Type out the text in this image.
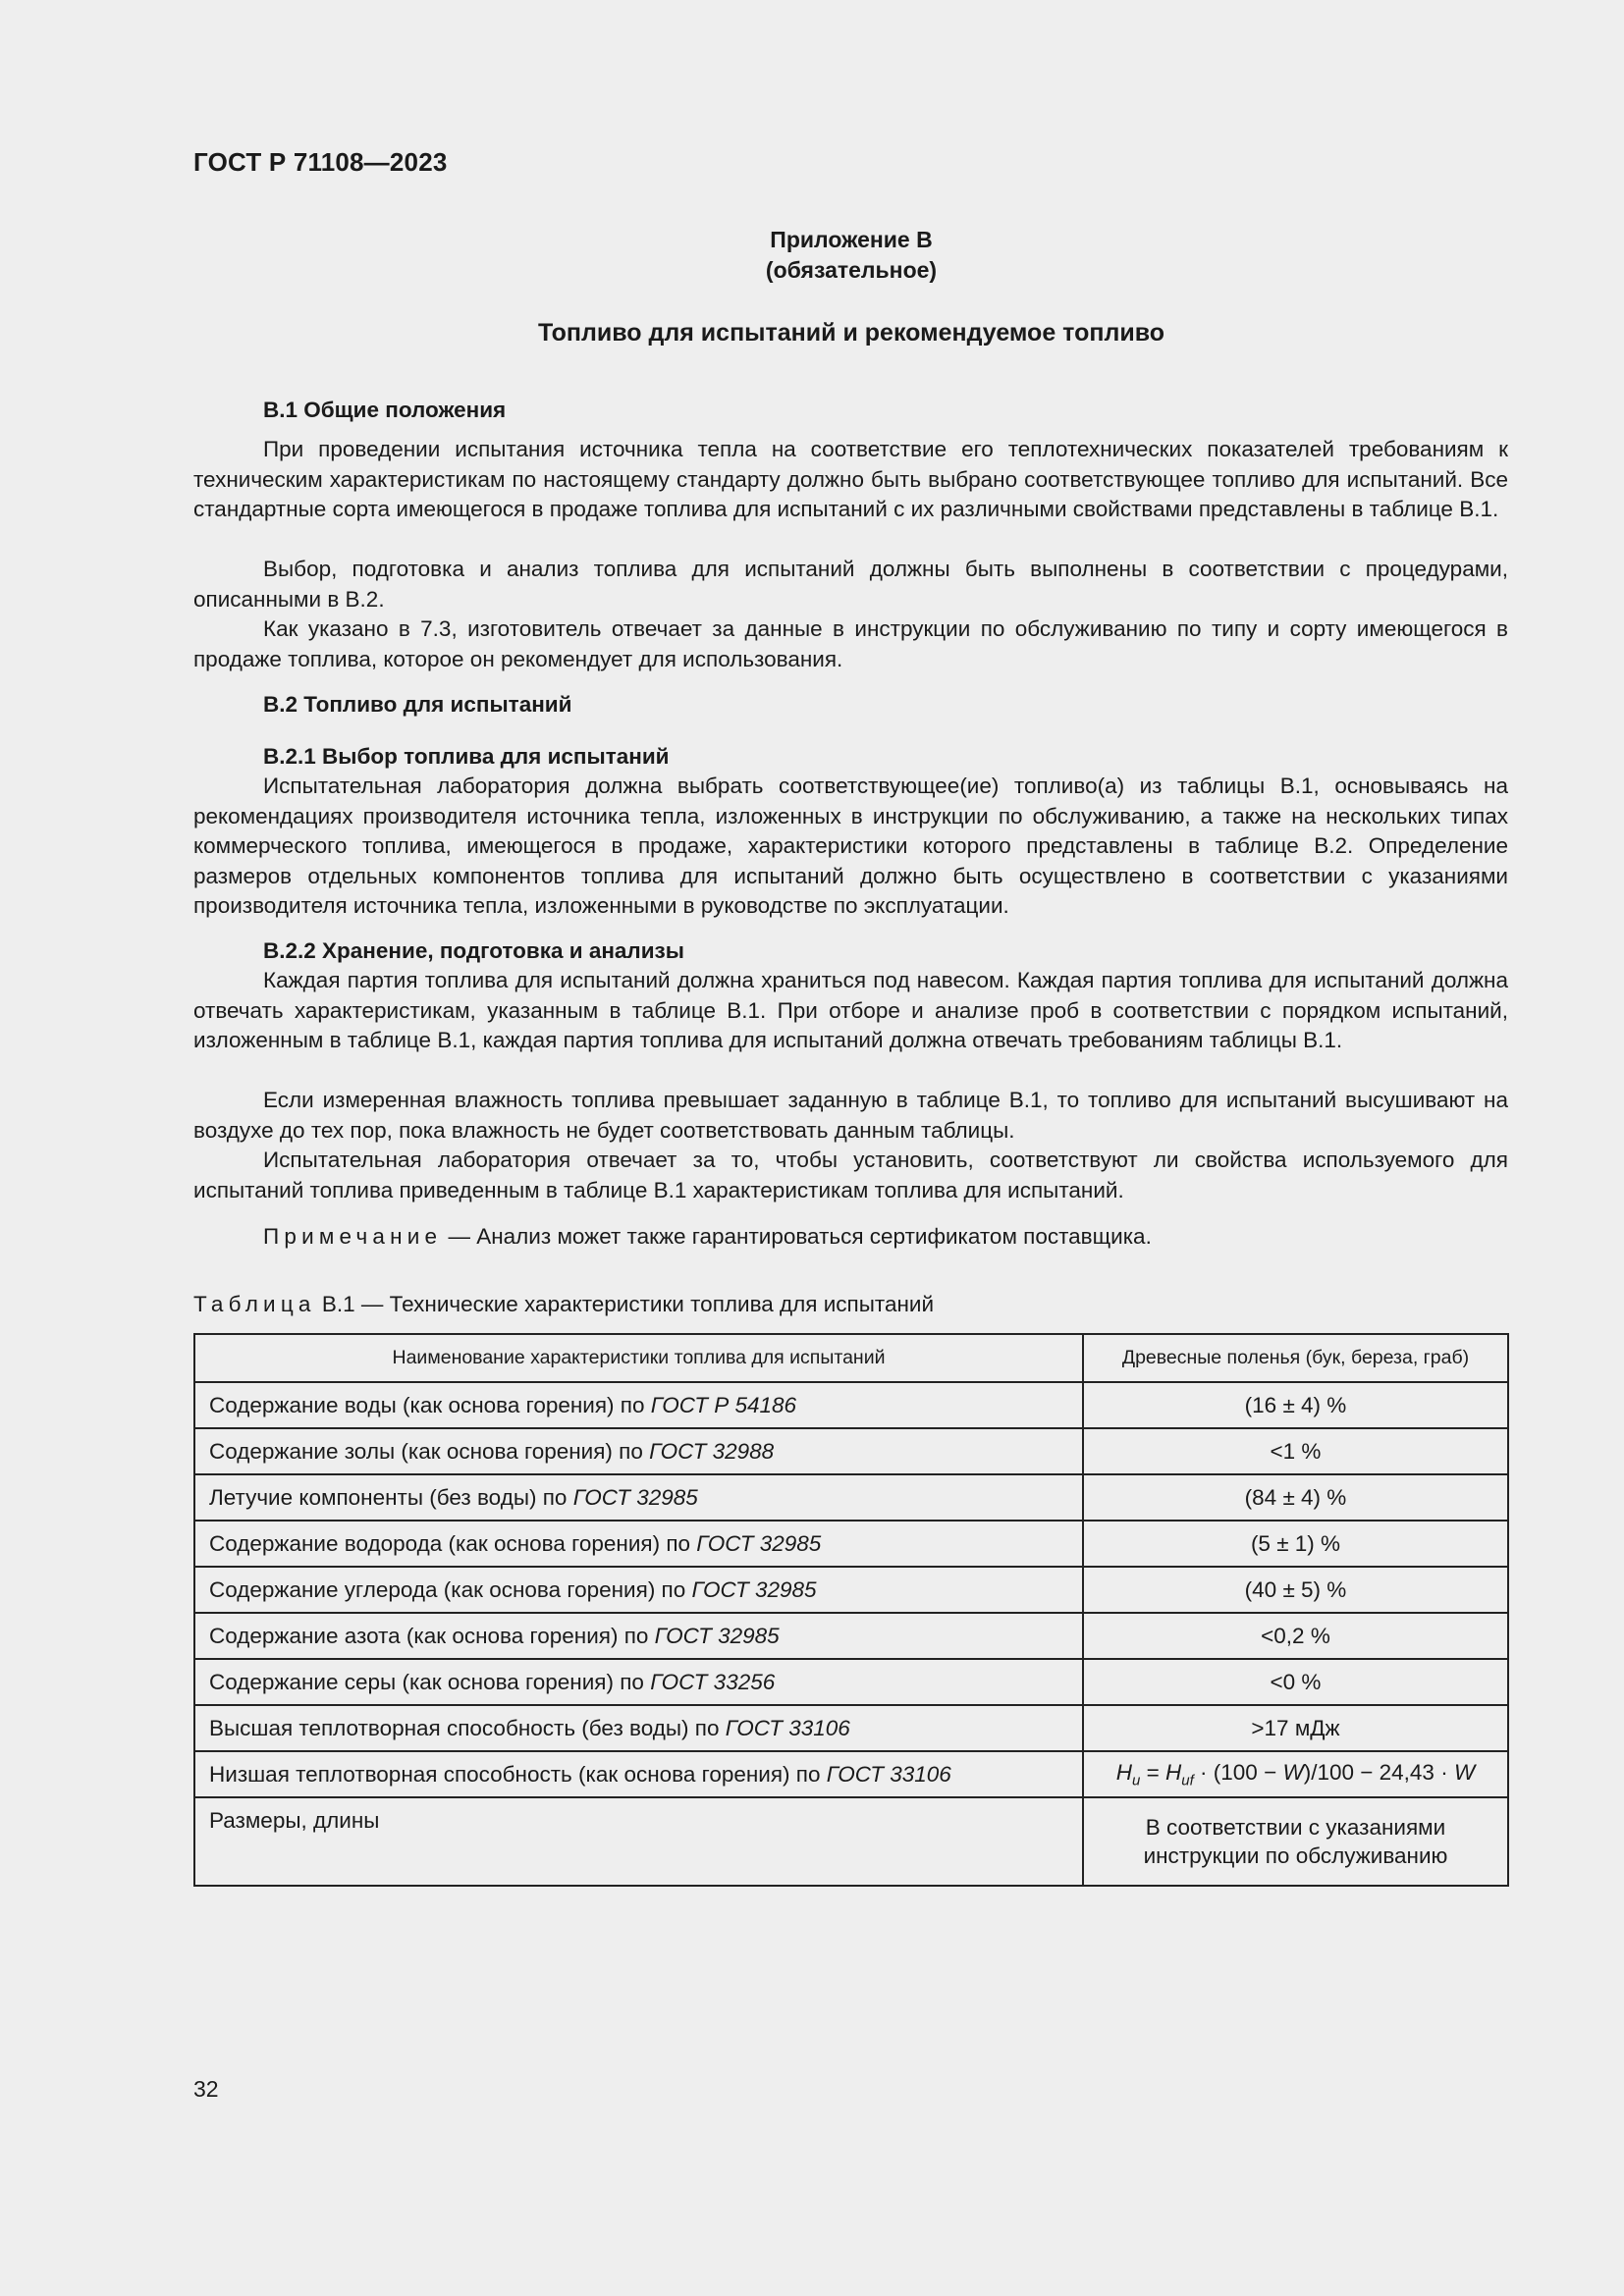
ГОСТ Р 71108—2023
Приложение В
(обязательное)
Топливо для испытаний и рекомендуемое топливо
В.1 Общие положения

При проведении испытания источника тепла на соответствие его теплотехнических показателей требованиям к техническим характеристикам по настоящему стандарту должно быть выбрано соответствующее топливо для испытаний. Все стандартные сорта имеющегося в продаже топлива для испытаний с их различными свойствами представлены в таблице В.1.

Выбор, подготовка и анализ топлива для испытаний должны быть выполнены в соответствии с процедурами, описанными в В.2.

Как указано в 7.3, изготовитель отвечает за данные в инструкции по обслуживанию по типу и сорту имеющегося в продаже топлива, которое он рекомендует для использования.

В.2 Топливо для испытаний
В.2.1 Выбор топлива для испытаний

Испытательная лаборатория должна выбрать соответствующее(ие) топливо(а) из таблицы В.1, основываясь на рекомендациях производителя источника тепла, изложенных в инструкции по обслуживанию, а также на нескольких типах коммерческого топлива, имеющегося в продаже, характеристики которого представлены в таблице В.2. Определение размеров отдельных компонентов топлива для испытаний должно быть осуществлено в соответствии с указаниями производителя источника тепла, изложенными в руководстве по эксплуатации.

В.2.2 Хранение, подготовка и анализы

Каждая партия топлива для испытаний должна храниться под навесом. Каждая партия топлива для испытаний должна отвечать характеристикам, указанным в таблице В.1. При отборе и анализе проб в соответствии с порядком испытаний, изложенным в таблице В.1, каждая партия топлива для испытаний должна отвечать требованиям таблицы В.1.

Если измеренная влажность топлива превышает заданную в таблице В.1, то топливо для испытаний высушивают на воздухе до тех пор, пока влажность не будет соответствовать данным таблицы.

Испытательная лаборатория отвечает за то, чтобы установить, соответствуют ли свойства используемого для испытаний топлива приведенным в таблице В.1 характеристикам топлива для испытаний.

Примечание — Анализ может также гарантироваться сертификатом поставщика.
Таблица В.1 — Технические характеристики топлива для испытаний
Наименование характеристики топлива для испытаний	Древесные поленья (бук, береза, граб)
Содержание воды (как основа горения) по ГОСТ Р 54186	(16 ± 4) %
Содержание золы (как основа горения) по ГОСТ 32988	<1 %
Летучие компоненты (без воды) по ГОСТ 32985	(84 ± 4) %
Содержание водорода (как основа горения) по ГОСТ 32985	(5 ± 1) %
Содержание углерода (как основа горения) по ГОСТ 32985	(40 ± 5) %
Содержание азота (как основа горения) по ГОСТ 32985	<0,2 %
Содержание серы (как основа горения) по ГОСТ 33256	<0 %
Высшая теплотворная способность (без воды) по ГОСТ 33106	>17 мДж
Низшая теплотворная способность (как основа горения) по ГОСТ 33106	$H_u = H_{uf} \cdot (100 - W)/100 - 24,43 \cdot W$
Размеры, длины	В соответствии с указаниями
инструкции по обслуживанию
32
